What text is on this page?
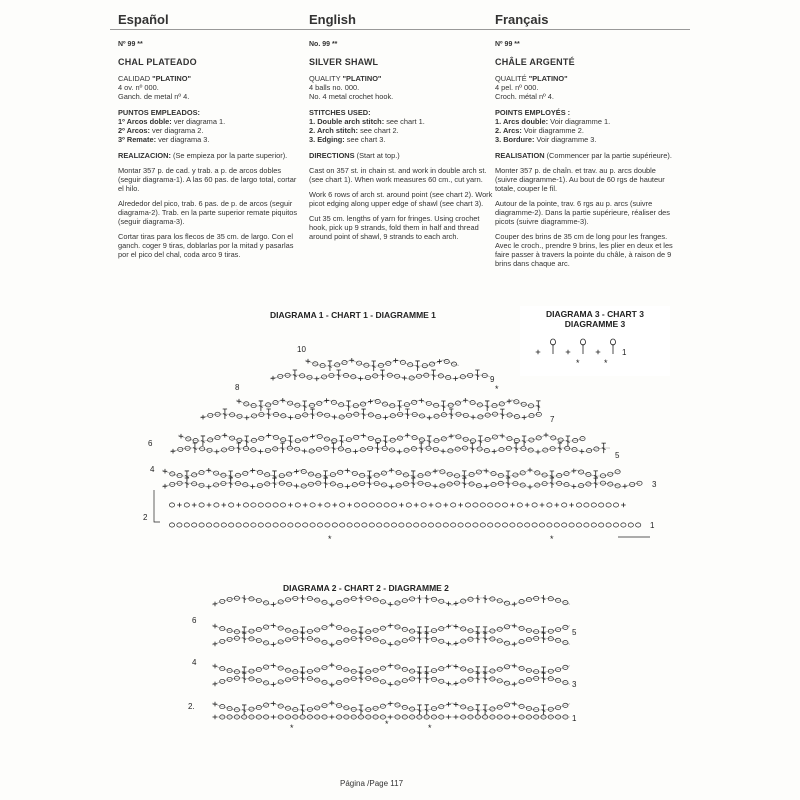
Español	English	Français
Nº 99 **
CHAL PLATEADO
CALIDAD "PLATINO"
4 ov. nº 000.
Ganch. de metal nº 4.
PUNTOS EMPLEADOS:
1º Arcos doble: ver diagrama 1.
2º Arcos: ver diagrama 2.
3º Remate: ver diagrama 3.

REALIZACION: (Se empieza por la parte superior).

Montar 357 p. de cad. y trab. a p. de arcos dobles (seguir diagrama-1). A las 60 pas. de largo total, cortar el hilo.

Alrededor del pico, trab. 6 pas. de p. de arcos (seguir diagrama-2). Trab. en la parte superior remate piquitos (seguir diagrama-3).

Cortar tiras para los flecos de 35 cm. de largo. Con el ganch. coger 9 tiras, doblarlas por la mitad y pasarlas por el pico del chal, coda arco 9 tiras.

No. 99 **
SILVER SHAWL
QUALITY "PLATINO"
4 balls no. 000.
No. 4 metal crochet hook.
STITCHES USED:
1. Double arch stitch: see chart 1.
2. Arch stitch: see chart 2.
3. Edging: see chart 3.

DIRECTIONS (Start at top.)

Cast on 357 st. in chain st. and work in double arch st. (see chart 1). When work measures 60 cm., cut yarn.

Work 6 rows of arch st. around point (see chart 2). Work picot edging along upper edge of shawl (see chart 3).

Cut 35 cm. lengths of yarn for fringes. Using crochet hook, pick up 9 strands, fold them in half and thread around point of shawl, 9 strands to each arch.

Nº 99 **
CHÂLE ARGENTÉ
QUALITÉ "PLATINO"
4 pel. nº 000.
Croch. métal nº 4.
POINTS EMPLOYÉS :
1. Arcs double: Voir diagramme 1.
2. Arcs: Voir diagramme 2.
3. Bordure: Voir diagramme 3.

REALISATION (Commencer par la partie supérieure).

Monter 357 p. de chaîn. et trav. au p. arcs double (suivre diagramme-1). Au bout de 60 rgs de hauteur totale, couper le fil.

Autour de la pointe, trav. 6 rgs au p. arcs (suivre diagramme-2). Dans la partie supérieure, réaliser des picots (suivre diagramme-3).

Couper des brins de 35 cm de long pour les franges. Avec le croch., prendre 9 brins, les plier en deux et les faire passer à travers la pointe du châle, à raison de 9 brins dans chaque arc.

DIAGRAMA 1 - CHART 1 - DIAGRAMME 1
1
2
3
4
5
6
7
8
9
10
*	*
*
DIAGRAMA 3 - CHART 3
DIAGRAMME 3
1
*	*
DIAGRAMA 2 - CHART 2 - DIAGRAMME 2
1
2.
3
4
5
6
*	*
*
Página /Page 117
